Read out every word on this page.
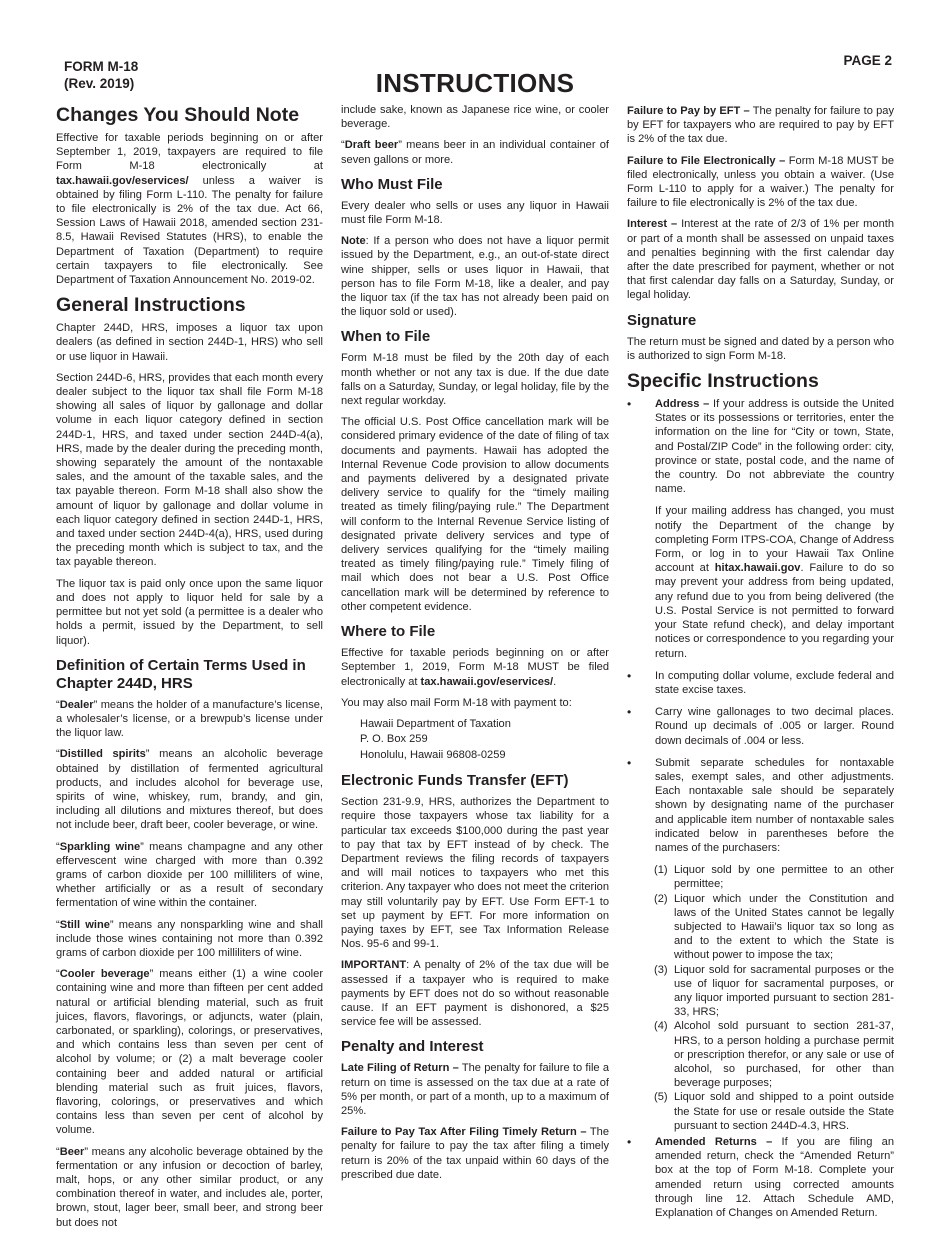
FORM M-18
(Rev. 2019)
PAGE 2
INSTRUCTIONS
Changes You Should Note

Effective for taxable periods beginning on or after September 1, 2019, taxpayers are required to file Form M-18 electronically at tax.hawaii.gov/eservices/ unless a waiver is obtained by filing Form L-110. The penalty for failure to file electronically is 2% of the tax due. Act 66, Session Laws of Hawaii 2018, amended section 231-8.5, Hawaii Revised Statutes (HRS), to enable the Department of Taxation (Department) to require certain taxpayers to file electronically. See Department of Taxation Announcement No. 2019-02.

General Instructions

Chapter 244D, HRS, imposes a liquor tax upon dealers (as defined in section 244D-1, HRS) who sell or use liquor in Hawaii.

Section 244D-6, HRS, provides that each month every dealer subject to the liquor tax shall file Form M-18 showing all sales of liquor by gallonage and dollar volume in each liquor category defined in section 244D-1, HRS, and taxed under section 244D-4(a), HRS, made by the dealer during the preceding month, showing separately the amount of the nontaxable sales, and the amount of the taxable sales, and the tax payable thereon. Form M-18 shall also show the amount of liquor by gallonage and dollar volume in each liquor category defined in section 244D-1, HRS, and taxed under section 244D-4(a), HRS, used during the preceding month which is subject to tax, and the tax payable thereon.

The liquor tax is paid only once upon the same liquor and does not apply to liquor held for sale by a permittee but not yet sold (a permittee is a dealer who holds a permit, issued by the Department, to sell liquor).

Definition of Certain Terms Used in Chapter 244D, HRS

“Dealer” means the holder of a manufacture’s license, a wholesaler’s license, or a brewpub’s license under the liquor law.

“Distilled spirits” means an alcoholic beverage obtained by distillation of fermented agricultural products, and includes alcohol for beverage use, spirits of wine, whiskey, rum, brandy, and gin, including all dilutions and mixtures thereof, but does not include beer, draft beer, cooler beverage, or wine.

“Sparkling wine” means champagne and any other effervescent wine charged with more than 0.392 grams of carbon dioxide per 100 milliliters of wine, whether artificially or as a result of secondary fermentation of wine within the container.

“Still wine” means any nonsparkling wine and shall include those wines containing not more than 0.392 grams of carbon dioxide per 100 milliliters of wine.

“Cooler beverage” means either (1) a wine cooler containing wine and more than fifteen per cent added natural or artificial blending material, such as fruit juices, flavors, flavorings, or adjuncts, water (plain, carbonated, or sparkling), colorings, or preservatives, and which contains less than seven per cent of alcohol by volume; or (2) a malt beverage cooler containing beer and added natural or artificial blending material such as fruit juices, flavors, flavoring, colorings, or preservatives and which contains less than seven per cent of alcohol by volume.

“Beer” means any alcoholic beverage obtained by the fermentation or any infusion or decoction of barley, malt, hops, or any other similar product, or any combination thereof in water, and includes ale, porter, brown, stout, lager beer, small beer, and strong beer but does not

include sake, known as Japanese rice wine, or cooler beverage.

“Draft beer” means beer in an individual container of seven gallons or more.

Who Must File

Every dealer who sells or uses any liquor in Hawaii must file Form M-18.

Note: If a person who does not have a liquor permit issued by the Department, e.g., an out-of-state direct wine shipper, sells or uses liquor in Hawaii, that person has to file Form M-18, like a dealer, and pay the liquor tax (if the tax has not already been paid on the liquor sold or used).

When to File

Form M-18 must be filed by the 20th day of each month whether or not any tax is due. If the due date falls on a Saturday, Sunday, or legal holiday, file by the next regular workday.

The official U.S. Post Office cancellation mark will be considered primary evidence of the date of filing of tax documents and payments. Hawaii has adopted the Internal Revenue Code provision to allow documents and payments delivered by a designated private delivery service to qualify for the “timely mailing treated as timely filing/paying rule.” The Department will conform to the Internal Revenue Service listing of designated private delivery services and type of delivery services qualifying for the “timely mailing treated as timely filing/paying rule.” Timely filing of mail which does not bear a U.S. Post Office cancellation mark will be determined by reference to other competent evidence.

Where to File

Effective for taxable periods beginning on or after September 1, 2019, Form M-18 MUST be filed electronically at tax.hawaii.gov/eservices/.

You may also mail Form M-18 with payment to:

Hawaii Department of Taxation
P. O. Box 259
Honolulu, Hawaii 96808-0259
Electronic Funds Transfer (EFT)

Section 231-9.9, HRS, authorizes the Department to require those taxpayers whose tax liability for a particular tax exceeds $100,000 during the past year to pay that tax by EFT instead of by check. The Department reviews the filing records of taxpayers and will mail notices to taxpayers who met this criterion. Any taxpayer who does not meet the criterion may still voluntarily pay by EFT. Use Form EFT-1 to set up payment by EFT. For more information on paying taxes by EFT, see Tax Information Release Nos. 95-6 and 99-1.

IMPORTANT: A penalty of 2% of the tax due will be assessed if a taxpayer who is required to make payments by EFT does not do so without reasonable cause. If an EFT payment is dishonored, a $25 service fee will be assessed.

Penalty and Interest

Late Filing of Return – The penalty for failure to file a return on time is assessed on the tax due at a rate of 5% per month, or part of a month, up to a maximum of 25%.

Failure to Pay Tax After Filing Timely Return – The penalty for failure to pay the tax after filing a timely return is 20% of the tax unpaid within 60 days of the prescribed due date.

Failure to Pay by EFT – The penalty for failure to pay by EFT for taxpayers who are required to pay by EFT is 2% of the tax due.

Failure to File Electronically – Form M-18 MUST be filed electronically, unless you obtain a waiver. (Use Form L-110 to apply for a waiver.) The penalty for failure to file electronically is 2% of the tax due.

Interest – Interest at the rate of 2/3 of 1% per month or part of a month shall be assessed on unpaid taxes and penalties beginning with the first calendar day after the date prescribed for payment, whether or not that first calendar day falls on a Saturday, Sunday, or legal holiday.

Signature

The return must be signed and dated by a person who is authorized to sign Form M-18.

Specific Instructions
• Address – If your address is outside the United States or its possessions or territories, enter the information on the line for “City or town, State, and Postal/ZIP Code” in the following order: city, province or state, postal code, and the name of the country. Do not abbreviate the country name.
If your mailing address has changed, you must notify the Department of the change by completing Form ITPS-COA, Change of Address Form, or log in to your Hawaii Tax Online account at hitax.hawaii.gov. Failure to do so may prevent your address from being updated, any refund due to you from being delivered (the U.S. Postal Service is not permitted to forward your State refund check), and delay important notices or correspondence to you regarding your return.
• In computing dollar volume, exclude federal and state excise taxes.
• Carry wine gallonages to two decimal places. Round up decimals of .005 or larger. Round down decimals of .004 or less.
• Submit separate schedules for nontaxable sales, exempt sales, and other adjustments. Each nontaxable sale should be separately shown by designating name of the purchaser and applicable item number of nontaxable sales indicated below in parentheses before the names of the purchasers:
(1) Liquor sold by one permittee to an other permittee;
(2) Liquor which under the Constitution and laws of the United States cannot be legally subjected to Hawaii’s liquor tax so long as and to the extent to which the State is without power to impose the tax;
(3) Liquor sold for sacramental purposes or the use of liquor for sacramental purposes, or any liquor imported pursuant to section 281-33, HRS;
(4) Alcohol sold pursuant to section 281-37, HRS, to a person holding a purchase permit or prescription therefor, or any sale or use of alcohol, so purchased, for other than beverage purposes;
(5) Liquor sold and shipped to a point outside the State for use or resale outside the State pursuant to section 244D-4.3, HRS.
• Amended Returns – If you are filing an amended return, check the “Amended Return” box at the top of Form M-18. Complete your amended return using corrected amounts through line 12. Attach Schedule AMD, Explanation of Changes on Amended Return.
